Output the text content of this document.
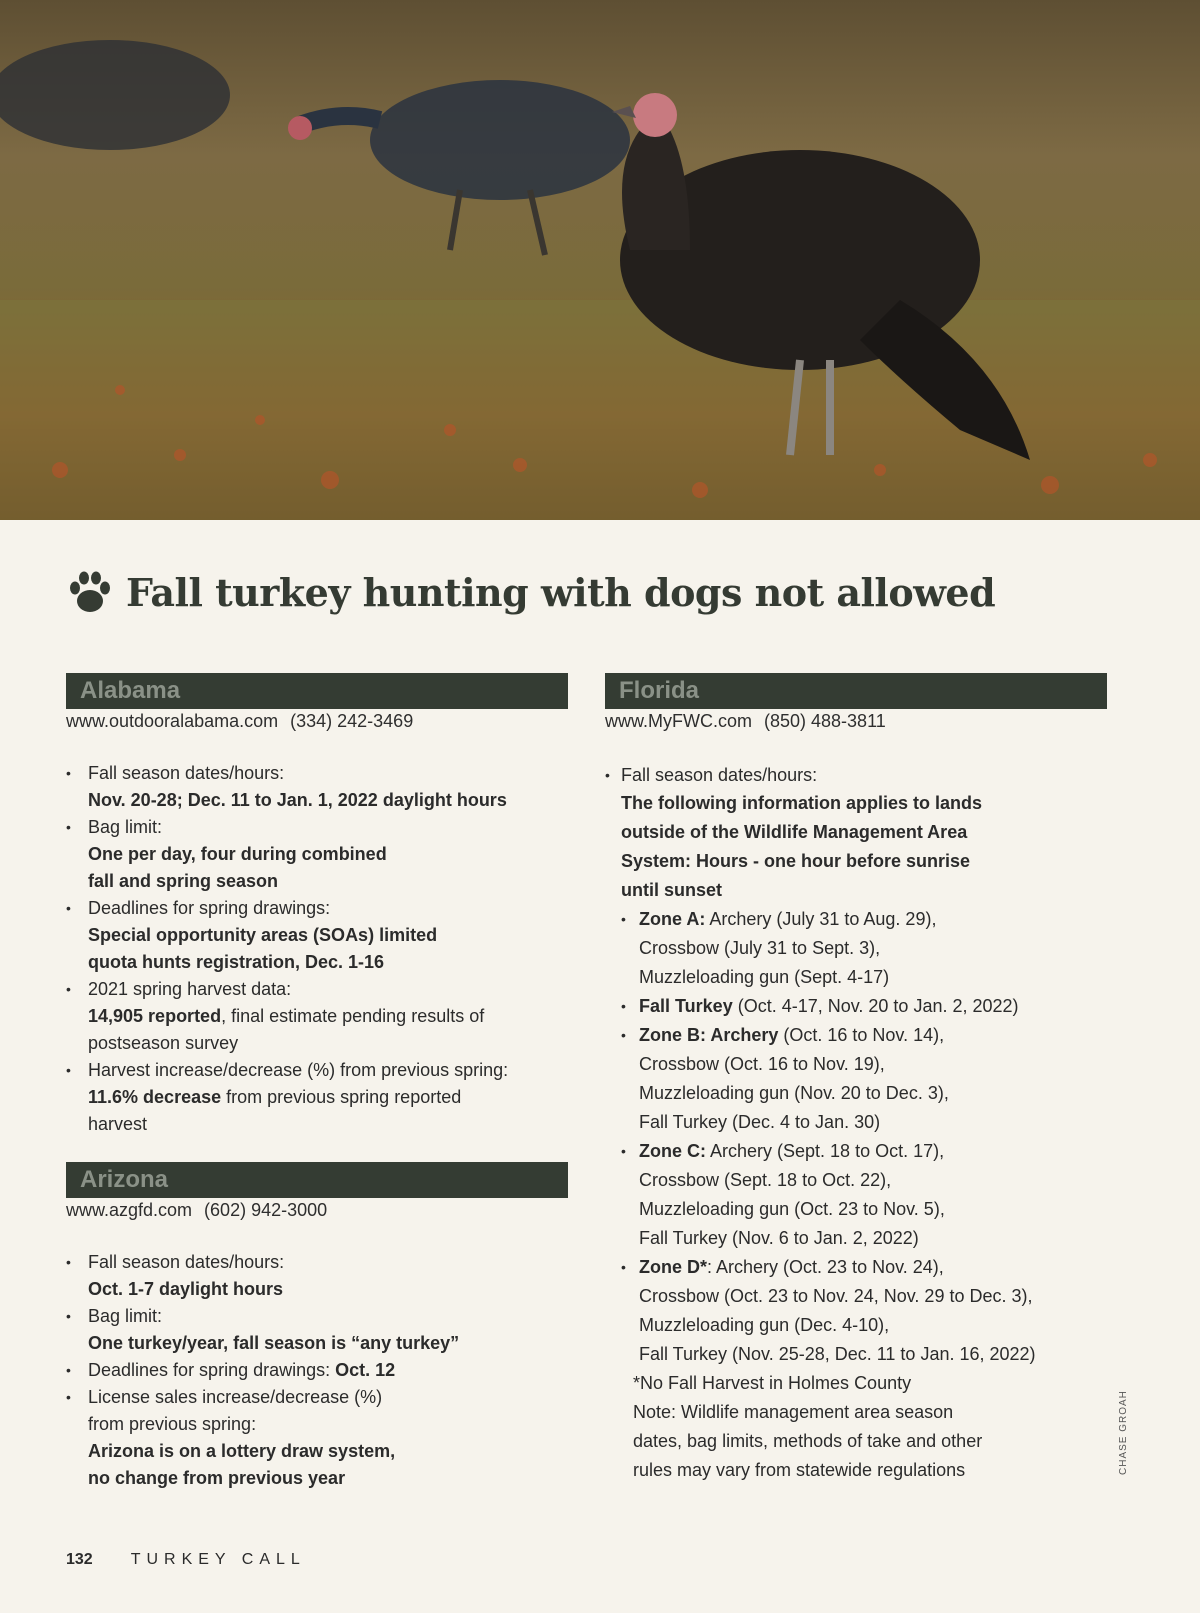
Fall turkey hunting with dogs not allowed
Alabama
www.outdooralabama.com (334) 242-3469
• Fall season dates/hours:
Nov. 20-28; Dec. 11 to Jan. 1, 2022 daylight hours
• Bag limit:
One per day, four during combined
fall and spring season
• Deadlines for spring drawings:
Special opportunity areas (SOAs) limited
quota hunts registration, Dec. 1-16
• 2021 spring harvest data:
14,905 reported, final estimate pending results of
postseason survey
• Harvest increase/decrease (%) from previous spring:
11.6% decrease from previous spring reported
harvest
Arizona
www.azgfd.com (602) 942-3000
• Fall season dates/hours:
Oct. 1-7 daylight hours
• Bag limit:
One turkey/year, fall season is “any turkey”
• Deadlines for spring drawings: Oct. 12
• License sales increase/decrease (%)
from previous spring:
Arizona is on a lottery draw system,
no change from previous year
Florida
www.MyFWC.com (850) 488-3811
• Fall season dates/hours:
The following information applies to lands
outside of the Wildlife Management Area
System: Hours - one hour before sunrise
until sunset
• Zone A: Archery (July 31 to Aug. 29),
Crossbow (July 31 to Sept. 3),
Muzzleloading gun (Sept. 4-17)
• Fall Turkey (Oct. 4-17, Nov. 20 to Jan. 2, 2022)
• Zone B: Archery (Oct. 16 to Nov. 14),
Crossbow (Oct. 16 to Nov. 19),
Muzzleloading gun (Nov. 20 to Dec. 3),
Fall Turkey (Dec. 4 to Jan. 30)
• Zone C: Archery (Sept. 18 to Oct. 17),
Crossbow (Sept. 18 to Oct. 22),
Muzzleloading gun (Oct. 23 to Nov. 5),
Fall Turkey (Nov. 6 to Jan. 2, 2022)
• Zone D*: Archery (Oct. 23 to Nov. 24),
Crossbow (Oct. 23 to Nov. 24, Nov. 29 to Dec. 3),
Muzzleloading gun (Dec. 4-10),
Fall Turkey (Nov. 25-28, Dec. 11 to Jan. 16, 2022)
*No Fall Harvest in Holmes County
Note: Wildlife management area season
dates, bag limits, methods of take and other
rules may vary from statewide regulations	CHASE GROAH
132 TURKEY CALL
